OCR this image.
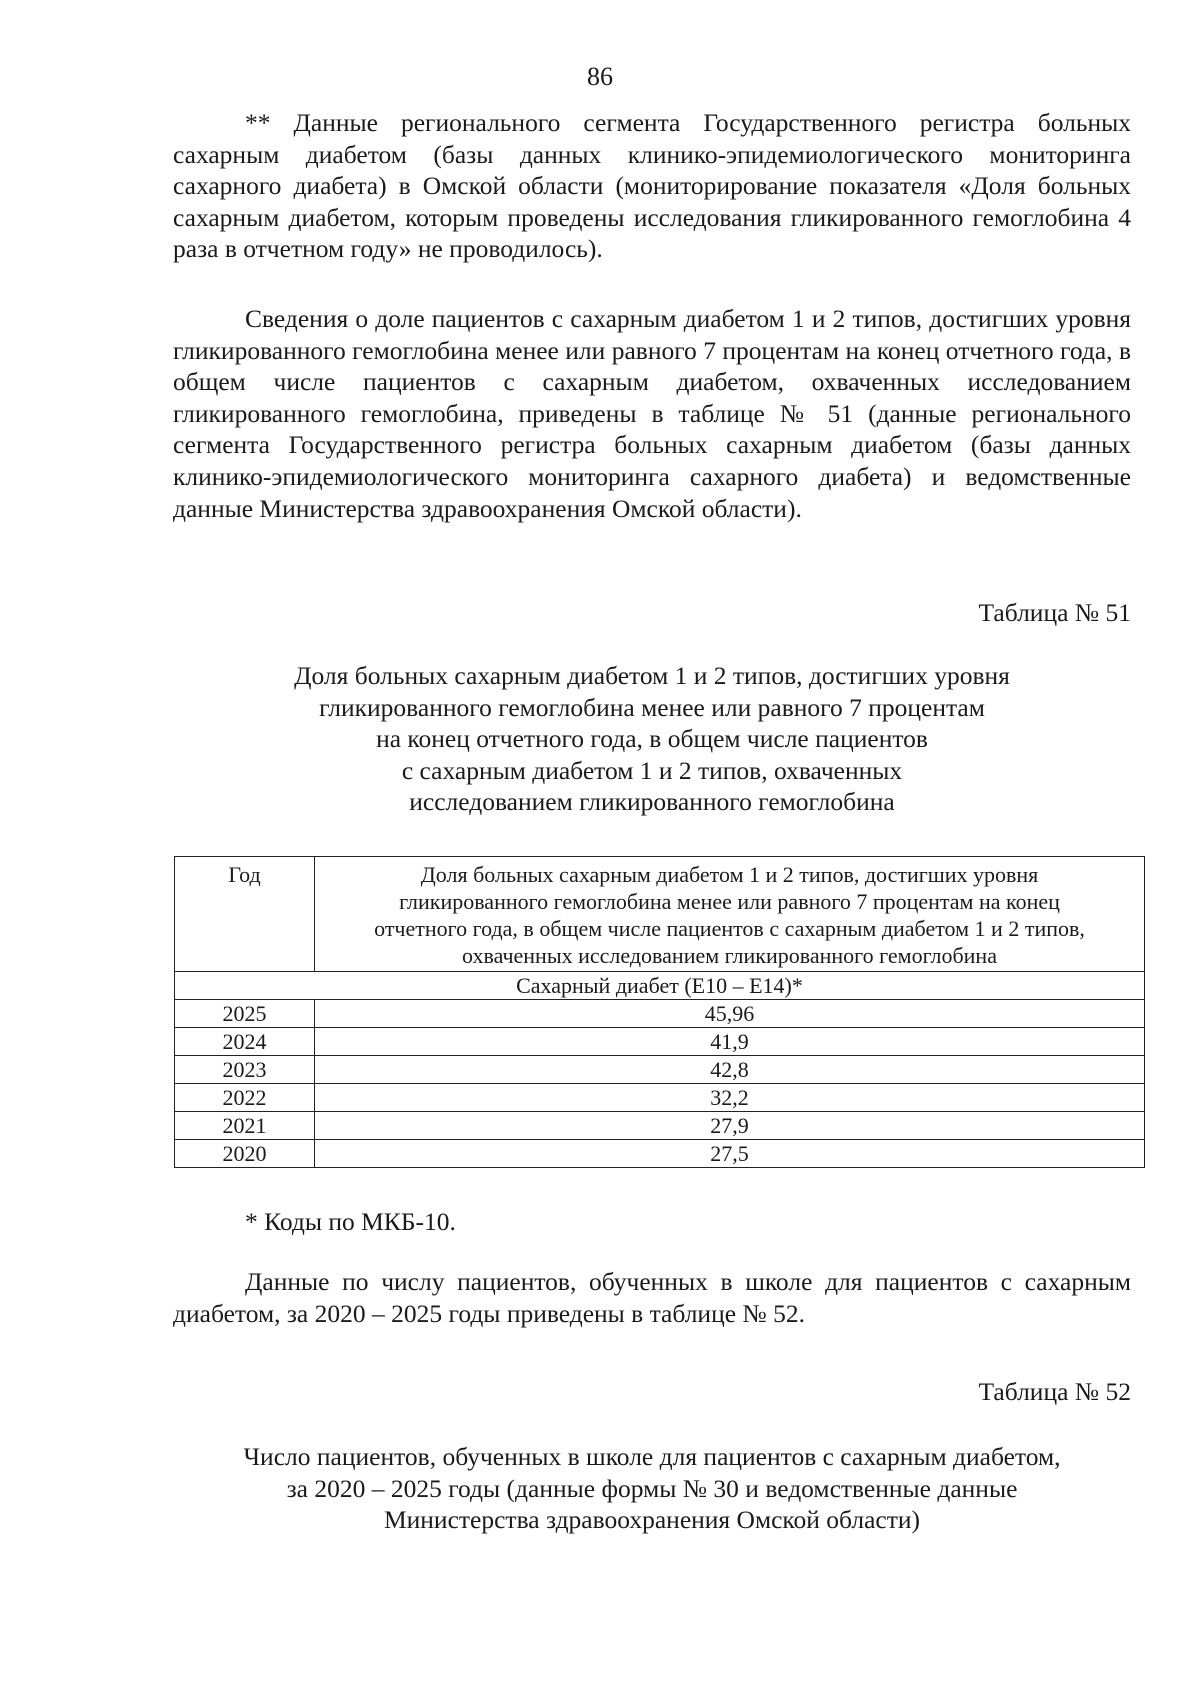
86

** Данные регионального сегмента Государственного регистра больных сахарным диабетом (базы данных клинико-эпидемиологического мониторинга сахарного диабета) в Омской области (мониторирование показателя «Доля больных сахарным диабетом, которым проведены исследования гликированного гемоглобина 4 раза в отчетном году» не проводилось).

Сведения о доле пациентов с сахарным диабетом 1 и 2 типов, достигших уровня гликированного гемоглобина менее или равного 7 процентам на конец отчетного года, в общем числе пациентов с сахарным диабетом, охваченных исследованием гликированного гемоглобина, приведены в таблице № 51 (данные регионального сегмента Государственного регистра больных сахарным диабетом (базы данных клинико-эпидемиологического мониторинга сахарного диабета) и ведомственные данные Министерства здравоохранения Омской области).

Таблица № 51

Доля больных сахарным диабетом 1 и 2 типов, достигших уровня
гликированного гемоглобина менее или равного 7 процентам
на конец отчетного года, в общем числе пациентов
с сахарным диабетом 1 и 2 типов, охваченных
исследованием гликированного гемоглобина

Год	Доля больных сахарным диабетом 1 и 2 типов, достигших уровня
гликированного гемоглобина менее или равного 7 процентам на конец
отчетного года, в общем числе пациентов с сахарным диабетом 1 и 2 типов,
охваченных исследованием гликированного гемоглобина

Сахарный диабет (Е10 – Е14)*	
2025	45,96
2024	41,9
2023	42,8
2022	32,2
2021	27,9
2020	27,5
* Коды по МКБ-10.

Данные по числу пациентов, обученных в школе для пациентов с сахарным диабетом, за 2020 – 2025 годы приведены в таблице № 52.

Таблица № 52

Число пациентов, обученных в школе для пациентов с сахарным диабетом,
за 2020 – 2025 годы (данные формы № 30 и ведомственные данные
Министерства здравоохранения Омской области)
